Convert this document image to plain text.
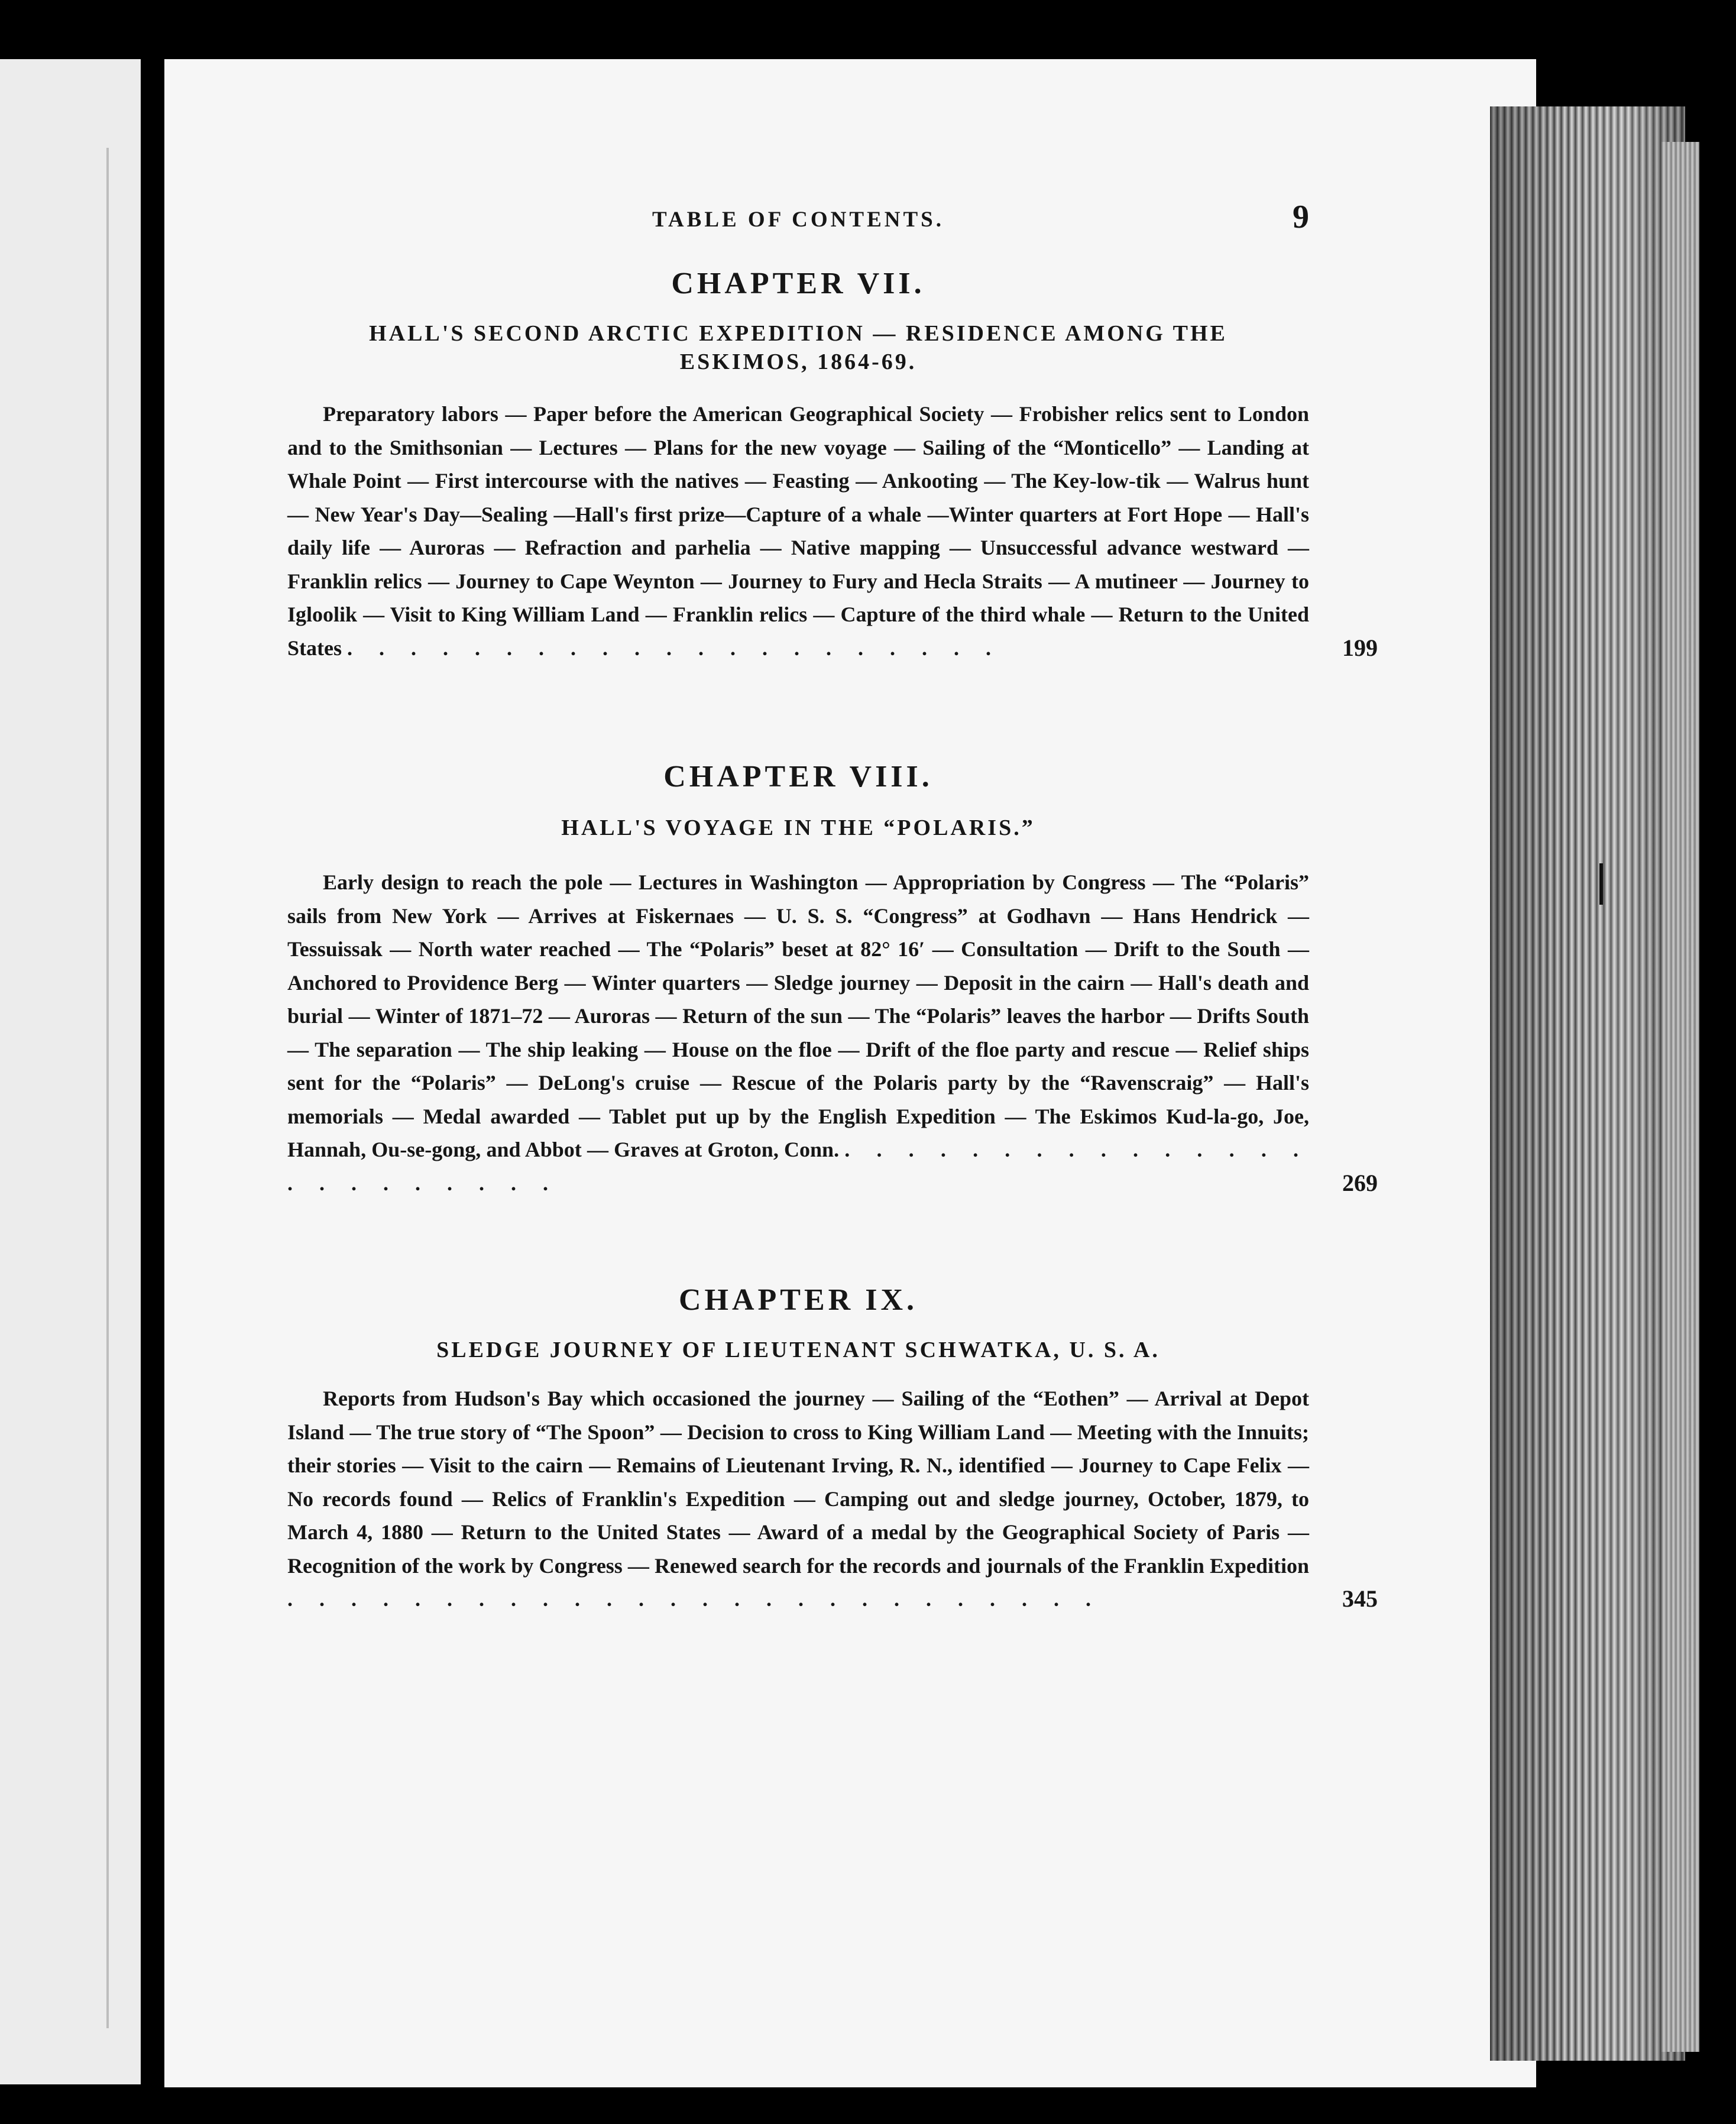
TABLE OF CONTENTS.	9
CHAPTER VII.

HALL'S SECOND ARCTIC EXPEDITION — RESIDENCE AMONG THE

ESKIMOS, 1864-69.

Preparatory labors — Paper before the American Geographical Society — Frobisher relics sent to London and to the Smithsonian — Lectures — Plans for the new voyage — Sailing of the “Monticello” — Landing at Whale Point — First intercourse with the natives — Feasting — Ankooting — The Key-low-tik — Walrus hunt — New Year's Day—Sealing —Hall's first prize—Capture of a whale —Winter quarters at Fort Hope — Hall's daily life — Auroras — Refraction and parhelia — Native mapping — Unsuccessful advance westward — Franklin relics — Journey to Cape Weynton — Journey to Fury and Hecla Straits — A mutineer — Journey to Igloolik — Visit to King William Land — Franklin relics — Capture of the third whale — Return to the United States . . . . . . . . . . . . . . . . . . . . .	199

CHAPTER VIII.

HALL'S VOYAGE IN THE “POLARIS.”

Early design to reach the pole — Lectures in Washington — Appropriation by Congress — The “Polaris” sails from New York — Arrives at Fiskernaes — U. S. S. “Congress” at Godhavn — Hans Hendrick — Tessuissak — North water reached — The “Polaris” beset at 82° 16′ — Consultation — Drift to the South — Anchored to Providence Berg — Winter quarters — Sledge journey — Deposit in the cairn — Hall's death and burial — Winter of 1871–72 — Auroras — Return of the sun — The “Polaris” leaves the harbor — Drifts South — The separation — The ship leaking — House on the floe — Drift of the floe party and rescue — Relief ships sent for the “Polaris” — DeLong's cruise — Rescue of the Polaris party by the “Ravenscraig” — Hall's memorials — Medal awarded — Tablet put up by the English Expedition — The Eskimos Kud-la-go, Joe, Hannah, Ou-se-gong, and Abbot — Graves at Groton, Conn. . . . . . . . . . . . . . . . . . . . . . . . .	269

CHAPTER IX.

SLEDGE JOURNEY OF LIEUTENANT SCHWATKA, U. S. A.

Reports from Hudson's Bay which occasioned the journey — Sailing of the “Eothen” — Arrival at Depot Island — The true story of “The Spoon” — Decision to cross to King William Land — Meeting with the Innuits; their stories — Visit to the cairn — Remains of Lieutenant Irving, R. N., identified — Journey to Cape Felix — No records found — Relics of Franklin's Expedition — Camping out and sledge journey, October, 1879, to March 4, 1880 — Return to the United States — Award of a medal by the Geographical Society of Paris — Recognition of the work by Congress — Renewed search for the records and journals of the Franklin Expedition . . . . . . . . . . . . . . . . . . . . . . . . . .	345
